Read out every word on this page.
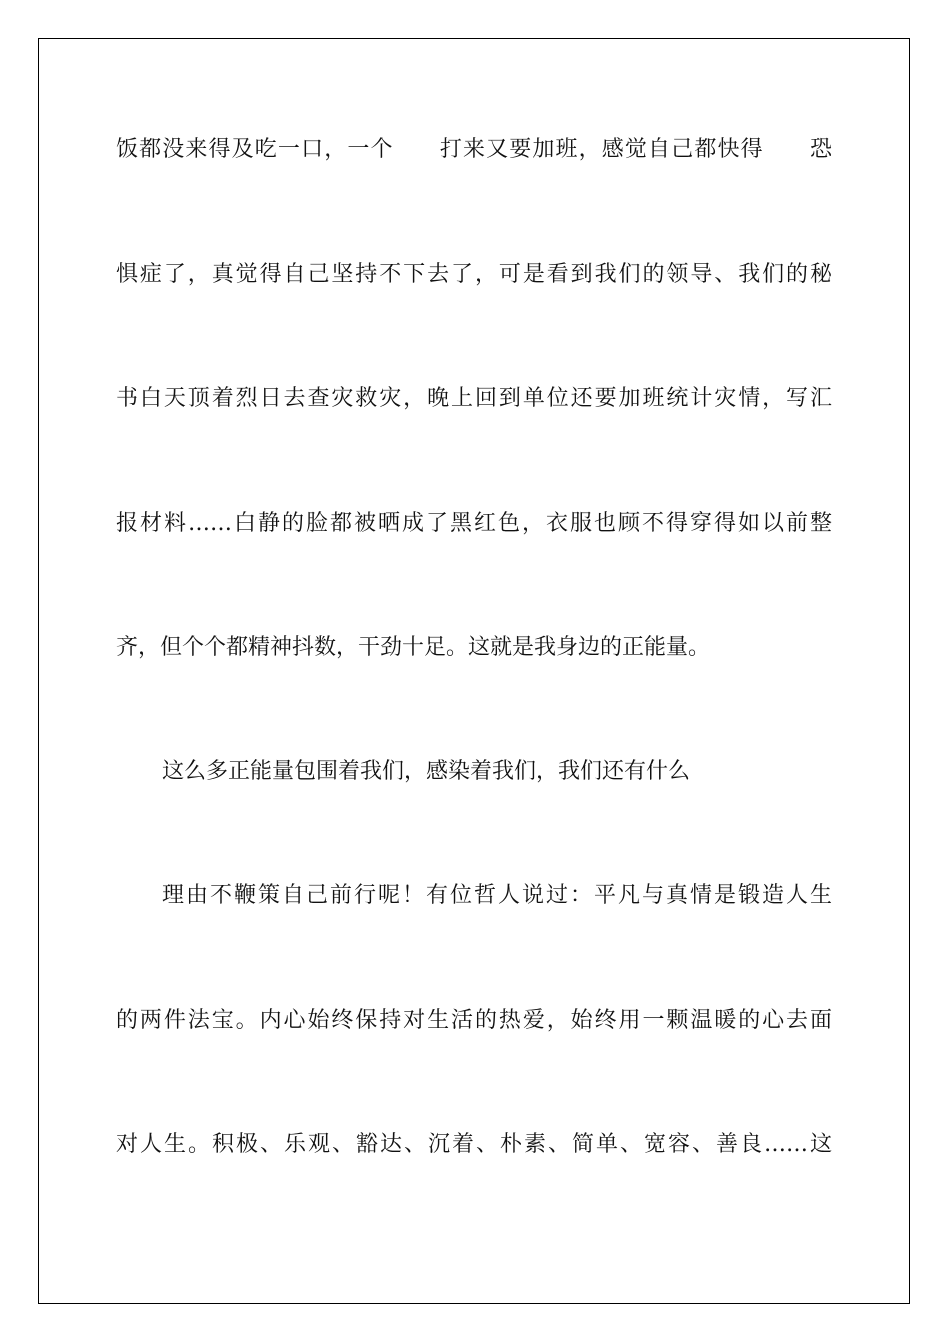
饭都没来得及吃一口，一个　　打来又要加班，感觉自己都快得　　恐
惧症了，真觉得自己坚持不下去了，可是看到我们的领导、我们的秘
书白天顶着烈日去查灾救灾，晚上回到单位还要加班统计灾情，写汇
报材料……白静的脸都被晒成了黑红色，衣服也顾不得穿得如以前整
齐，但个个都精神抖数，干劲十足。这就是我身边的正能量。
这么多正能量包围着我们，感染着我们，我们还有什么
理由不鞭策自己前行呢！有位哲人说过：平凡与真情是锻造人生
的两件法宝。内心始终保持对生活的热爱，始终用一颗温暖的心去面
对人生。积极、乐观、豁达、沉着、朴素、简单、宽容、善良……这
